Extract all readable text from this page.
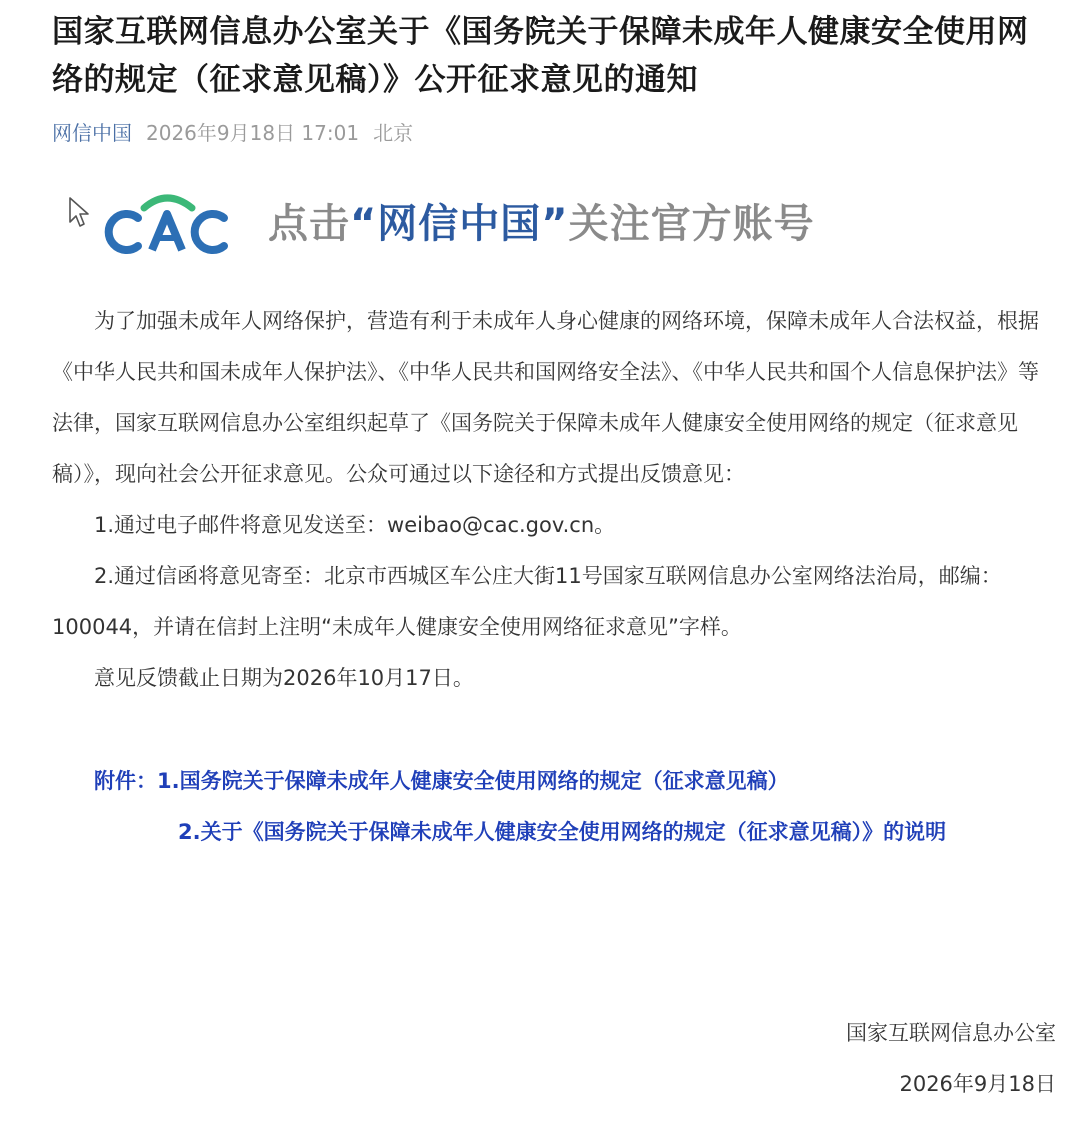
国家互联网信息办公室关于《国务院关于保障未成年人健康安全使用网络的规定（征求意见稿）》公开征求意见的通知
网信中国 2026年9月18日 17:01 北京
点击“网信中国”关注官方账号

为了加强未成年人网络保护，营造有利于未成年人身心健康的网络环境，保障未成年人合法权益，根据《中华人民共和国未成年人保护法》、《中华人民共和国网络安全法》、《中华人民共和国个人信息保护法》等法律，国家互联网信息办公室组织起草了《国务院关于保障未成年人健康安全使用网络的规定（征求意见稿）》，现向社会公开征求意见。公众可通过以下途径和方式提出反馈意见：

1.通过电子邮件将意见发送至：weibao@cac.gov.cn。

2.通过信函将意见寄至：北京市西城区车公庄大街11号国家互联网信息办公室网络法治局，邮编：100044，并请在信封上注明“未成年人健康安全使用网络征求意见”字样。

意见反馈截止日期为2026年10月17日。

附件：1.国务院关于保障未成年人健康安全使用网络的规定（征求意见稿）

2.关于《国务院关于保障未成年人健康安全使用网络的规定（征求意见稿）》的说明

国家互联网信息办公室
2026年9月18日
